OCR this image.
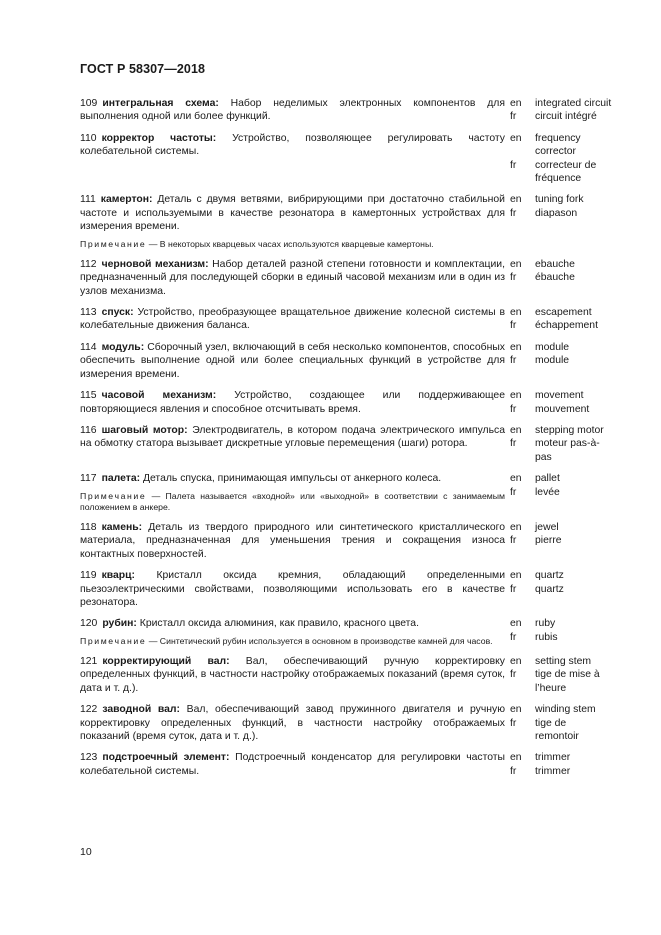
ГОСТ Р 58307—2018
109 интегральная схема: Набор неделимых электронных компонентов для выполнения одной или более функций.
en	integrated circuit
fr	circuit intégré
110 корректор частоты: Устройство, позволяющее регулировать частоту колебательной системы.
en	frequency corrector
fr	correcteur de fréquence
111 камертон: Деталь с двумя ветвями, вибрирующими при достаточно стабильной частоте и используемыми в качестве резонатора в камертонных устройствах для измерения времени.
Примечание — В некоторых кварцевых часах используются кварцевые камертоны.
en	tuning fork
fr	diapason
112 черновой механизм: Набор деталей разной степени готовности и комплектации, предназначенный для последующей сборки в единый часовой механизм или в один из узлов механизма.
en	ebauche
fr	ébauche
113 спуск: Устройство, преобразующее вращательное движение колесной системы в колебательные движения баланса.
en	escapement
fr	échappement
114 модуль: Сборочный узел, включающий в себя несколько компонентов, способных обеспечить выполнение одной или более специальных функций в устройстве для измерения времени.
en	module
fr	module
115 часовой механизм: Устройство, создающее или поддерживающее повторяющиеся явления и способное отсчитывать время.
en	movement
fr	mouvement
116 шаговый мотор: Электродвигатель, в котором подача электрического импульса на обмотку статора вызывает дискретные угловые перемещения (шаги) ротора.
en	stepping motor
fr	moteur pas-à-pas
117 палета: Деталь спуска, принимающая импульсы от анкерного колеса.
Примечание — Палета называется «входной» или «выходной» в соответствии с занимаемым положением в анкере.
en	pallet
fr	levée
118 камень: Деталь из твердого природного или синтетического кристаллического материала, предназначенная для уменьшения трения и сокращения износа контактных поверхностей.
en	jewel
fr	pierre
119 кварц: Кристалл оксида кремния, обладающий определенными пьезоэлектрическими свойствами, позволяющими использовать его в качестве резонатора.
en	quartz
fr	quartz
120 рубин: Кристалл оксида алюминия, как правило, красного цвета.
Примечание — Синтетический рубин используется в основном в производстве камней для часов.
en	ruby
fr	rubis
121 корректирующий вал: Вал, обеспечивающий ручную корректировку определенных функций, в частности настройку отображаемых показаний (время суток, дата и т. д.).
en	setting stem
fr	tige de mise à l’heure
122 заводной вал: Вал, обеспечивающий завод пружинного двигателя и ручную корректировку определенных функций, в частности настройку отображаемых показаний (время суток, дата и т. д.).
en	winding stem
fr	tige de remontoir
123 подстроечный элемент: Подстроечный конденсатор для регулировки частоты колебательной системы.
en	trimmer
fr	trimmer
10
